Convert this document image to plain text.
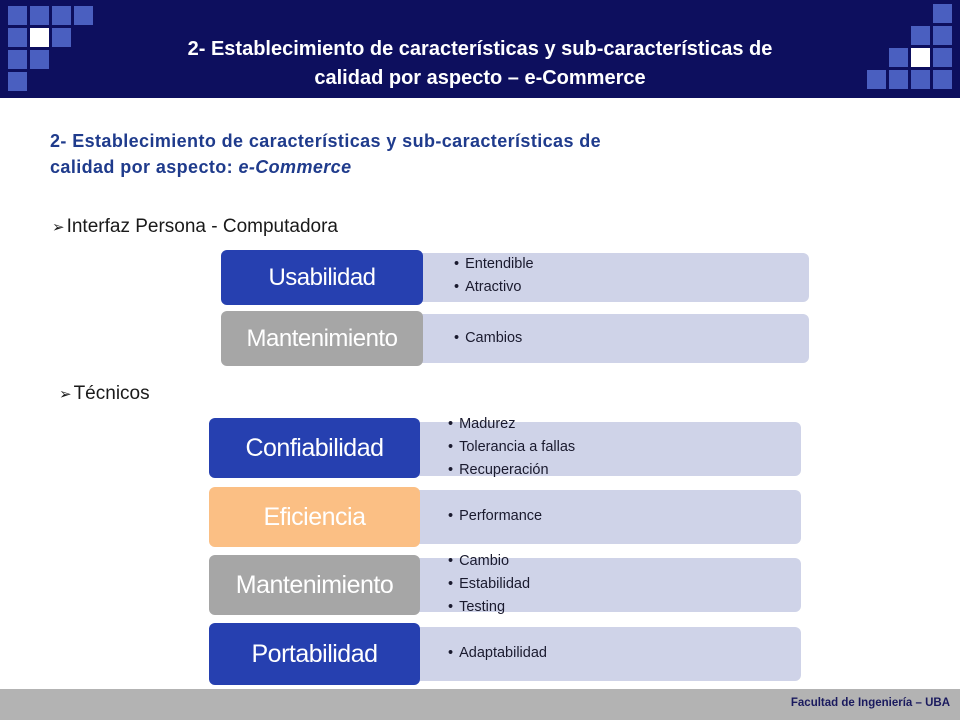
2- Establecimiento de características y sub-características de
calidad por aspecto – e-Commerce
2- Establecimiento de características y sub-características de
calidad por aspecto: e-Commerce
➢ Interfaz Persona - Computadora
Usabilidad	• Entendible
• Atractivo
Mantenimiento	• Cambios
➢ Técnicos
Confiabilidad
• Madurez
• Tolerancia a fallas
• Recuperación
Eficiencia	• Performance
Mantenimiento
• Cambio
• Estabilidad
• Testing
Portabilidad	• Adaptabilidad
Facultad de Ingeniería – UBA
